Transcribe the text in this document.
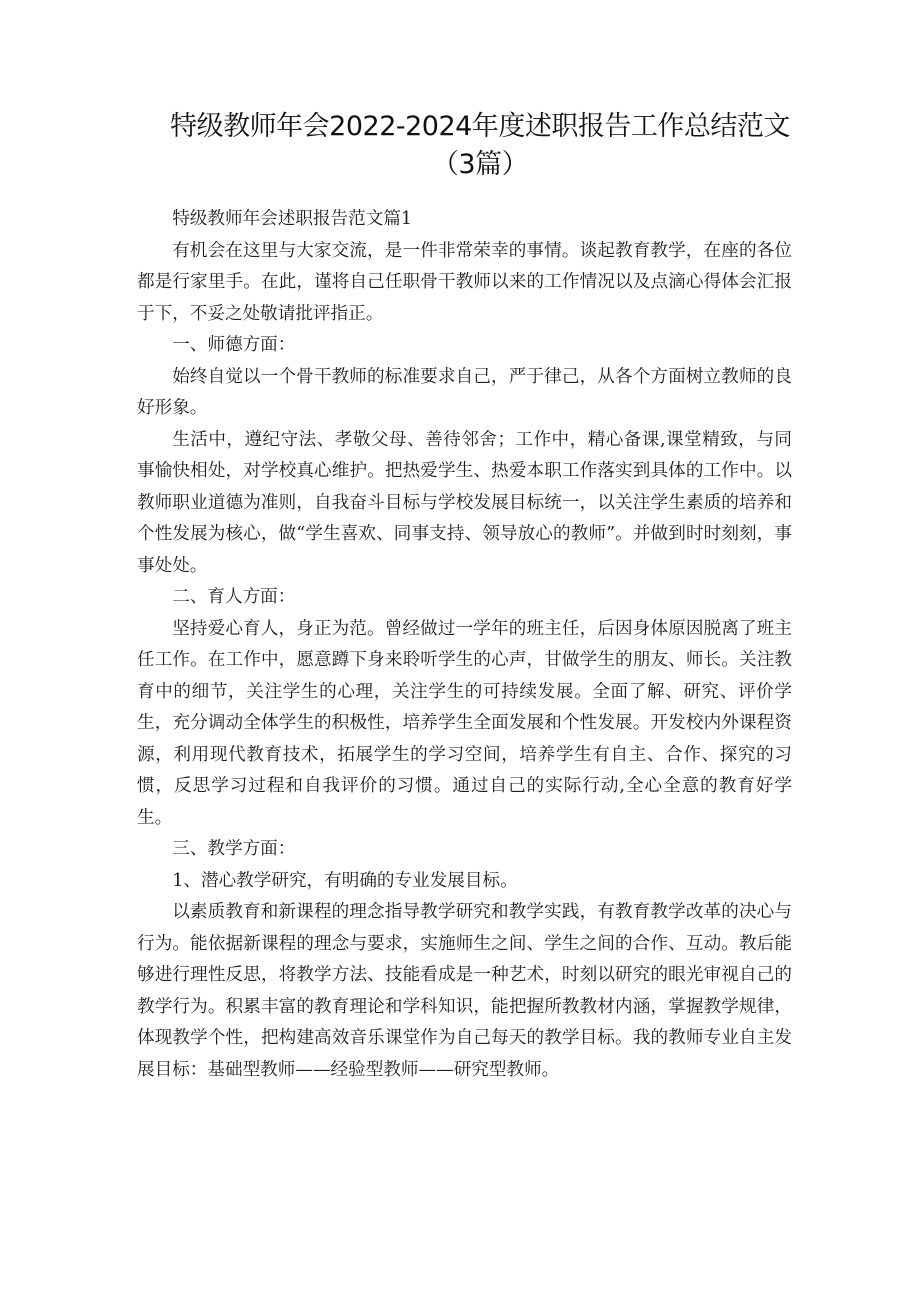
特级教师年会2022-2024年度述职报告工作总结范文（3篇）

特级教师年会述职报告范文篇1

有机会在这里与大家交流，是一件非常荣幸的事情。谈起教育教学，在座的各位都是行家里手。在此，谨将自己任职骨干教师以来的工作情况以及点滴心得体会汇报于下，不妥之处敬请批评指正。

一、师德方面：

始终自觉以一个骨干教师的标准要求自己，严于律己，从各个方面树立教师的良好形象。

生活中，遵纪守法、孝敬父母、善待邻舍；工作中，精心备课,课堂精致，与同事愉快相处，对学校真心维护。把热爱学生、热爱本职工作落实到具体的工作中。以教师职业道德为准则，自我奋斗目标与学校发展目标统一，以关注学生素质的培养和个性发展为核心，做“学生喜欢、同事支持、领导放心的教师”。并做到时时刻刻，事事处处。

二、育人方面：

坚持爱心育人，身正为范。曾经做过一学年的班主任，后因身体原因脱离了班主任工作。在工作中，愿意蹲下身来聆听学生的心声，甘做学生的朋友、师长。关注教育中的细节，关注学生的心理，关注学生的可持续发展。全面了解、研究、评价学生，充分调动全体学生的积极性，培养学生全面发展和个性发展。开发校内外课程资源，利用现代教育技术，拓展学生的学习空间，培养学生有自主、合作、探究的习惯，反思学习过程和自我评价的习惯。通过自己的实际行动,全心全意的教育好学生。

三、教学方面：

1、潜心教学研究，有明确的专业发展目标。

以素质教育和新课程的理念指导教学研究和教学实践，有教育教学改革的决心与行为。能依据新课程的理念与要求，实施师生之间、学生之间的合作、互动。教后能够进行理性反思，将教学方法、技能看成是一种艺术，时刻以研究的眼光审视自己的教学行为。积累丰富的教育理论和学科知识，能把握所教教材内涵，掌握教学规律，体现教学个性，把构建高效音乐课堂作为自己每天的教学目标。我的教师专业自主发展目标：基础型教师——经验型教师——研究型教师。
